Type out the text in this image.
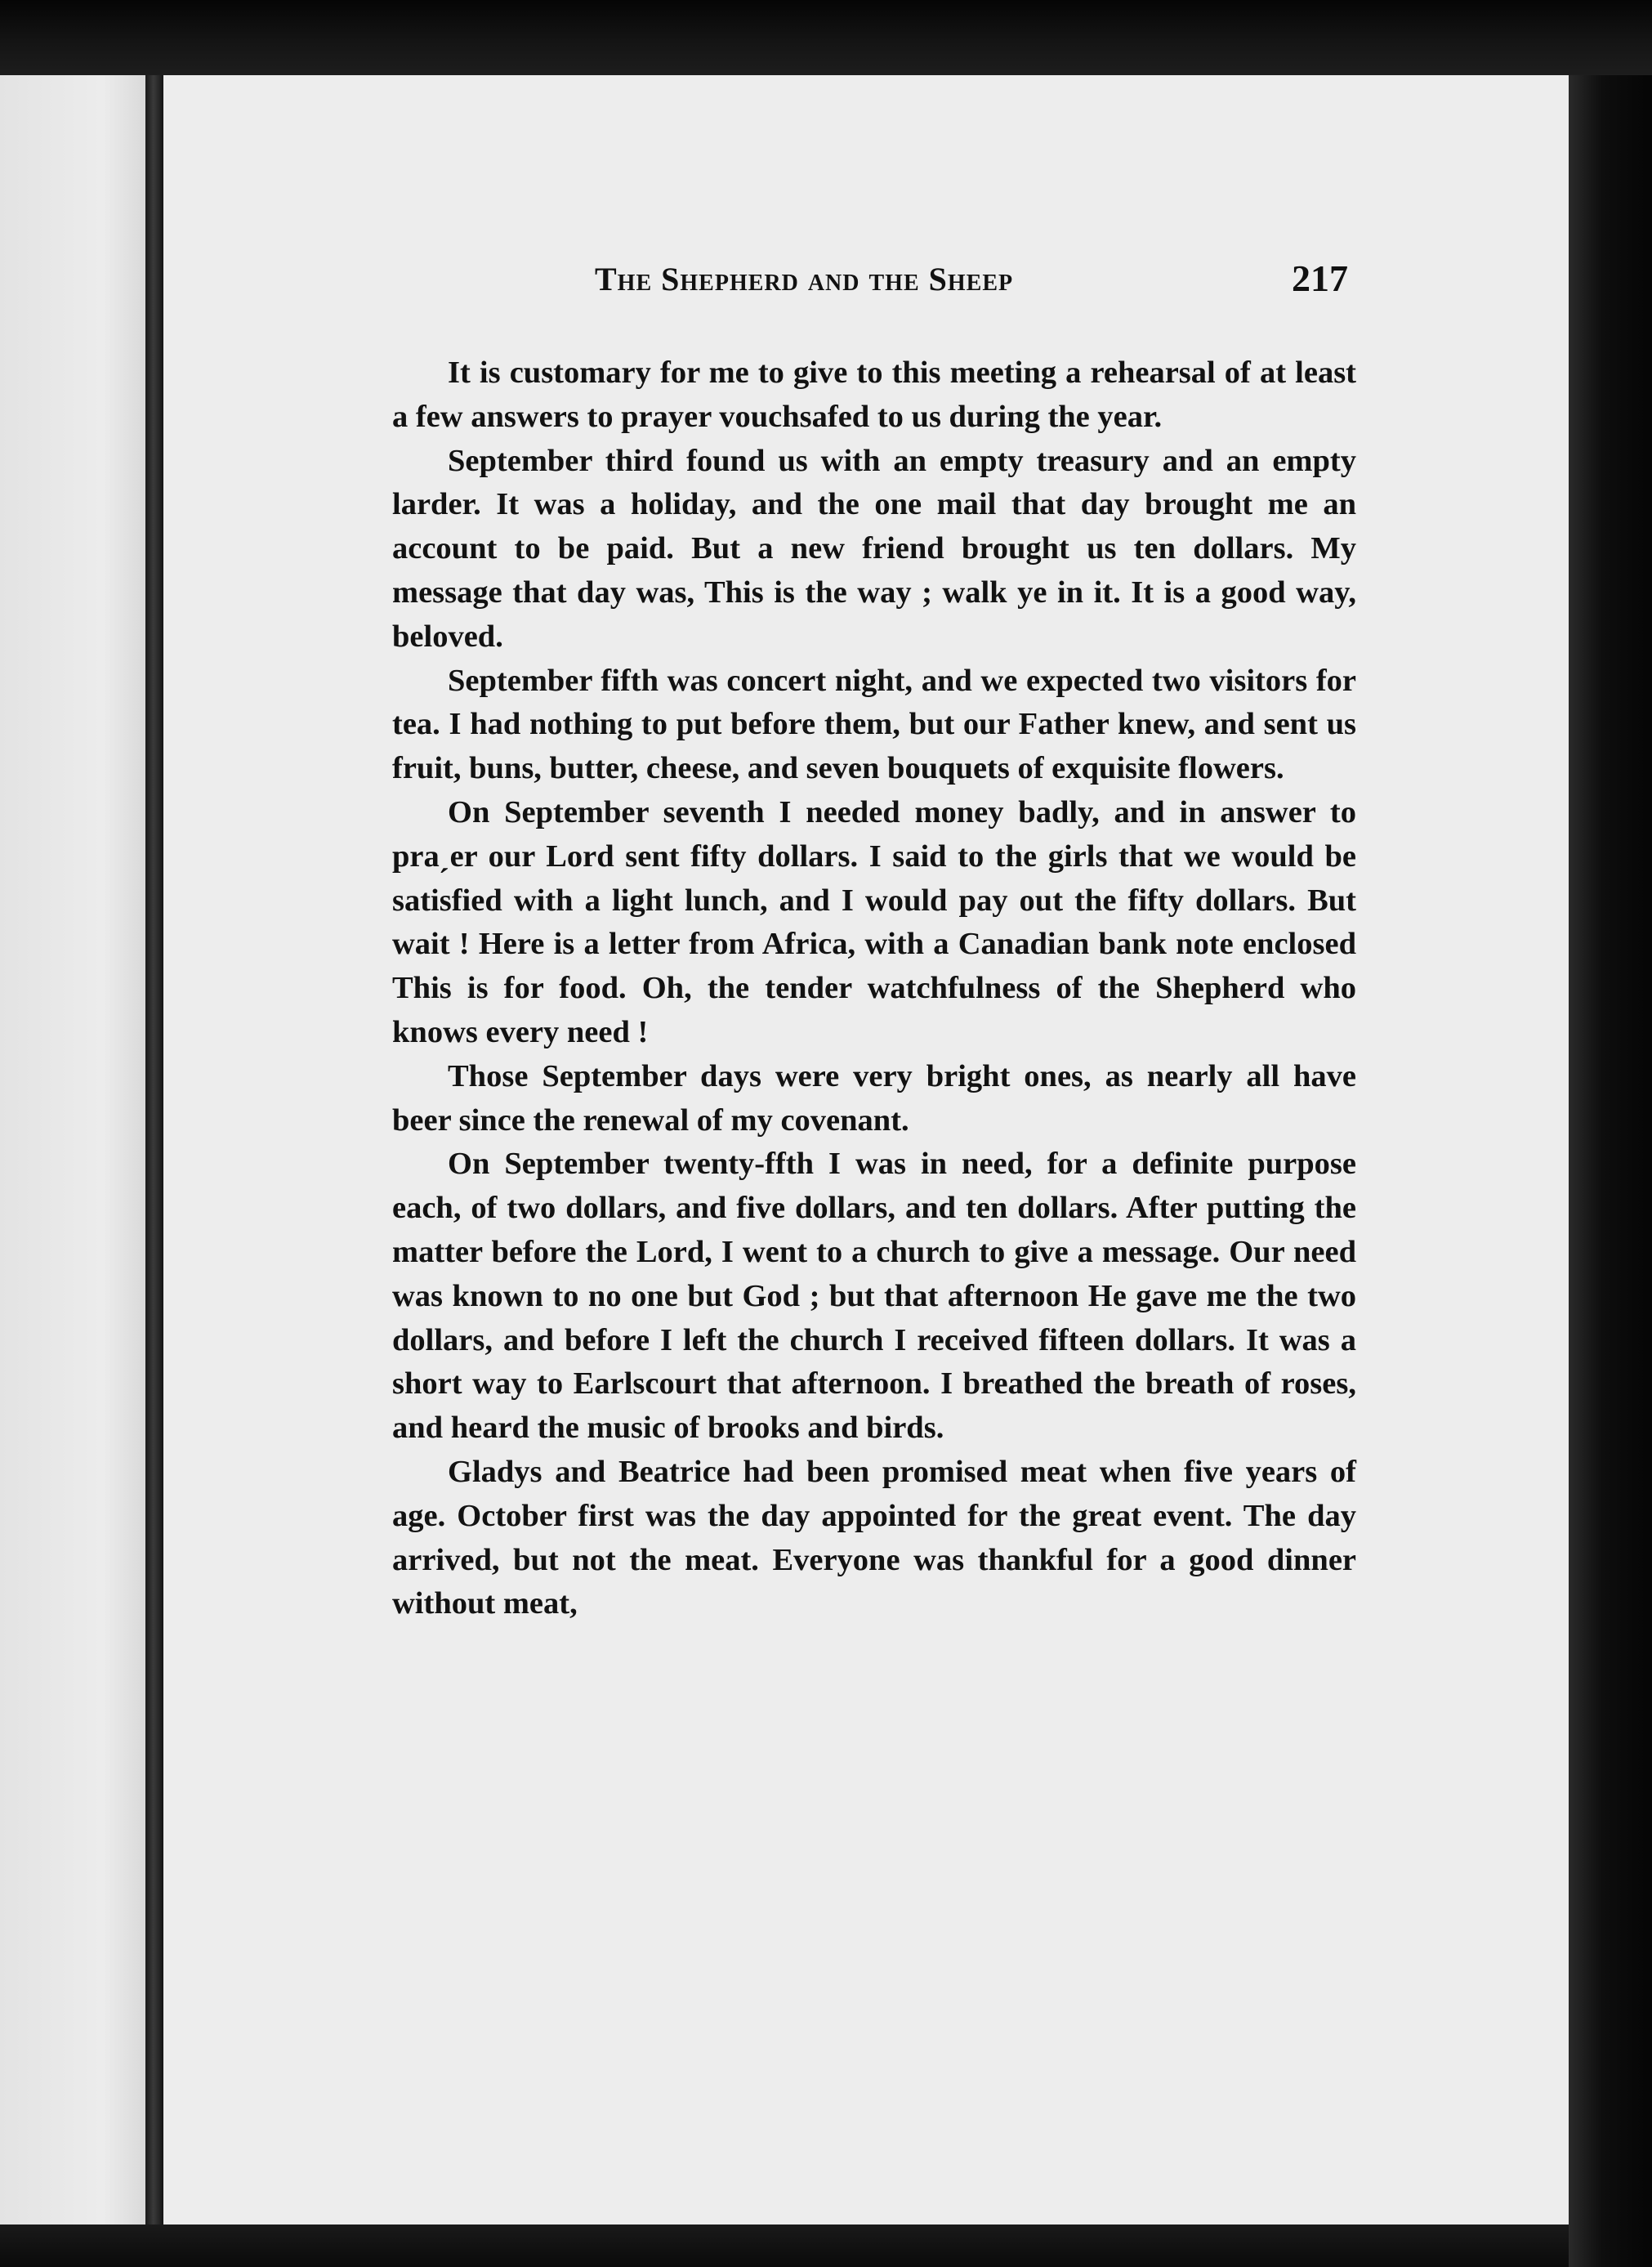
The Shepherd and the Sheep	217

It is customary for me to give to this meeting a rehearsal of at least a few answers to prayer vouchsafed to us during the year.

September third found us with an empty treasury and an empty larder. It was a holiday, and the one mail that day brought me an account to be paid. But a new friend brought us ten dollars. My message that day was, This is the way ; walk ye in it. It is a good way, beloved.

September fifth was concert night, and we expected two visitors for tea. I had nothing to put before them, but our Father knew, and sent us fruit, buns, butter, cheese, and seven bouquets of exquisite flowers.

On September seventh I needed money badly, and in answer to praˏer our Lord sent fifty dollars. I said to the girls that we would be satisfied with a light lunch, and I would pay out the fifty dollars. But wait ! Here is a letter from Africa, with a Canadian bank note enclosed This is for food. Oh, the tender watchfulness of the Shepherd who knows every need !

Those September days were very bright ones, as nearly all have beer since the renewal of my covenant.

On September twenty-ffth I was in need, for a definite purpose each, of two dollars, and five dollars, and ten dollars. After putting the matter before the Lord, I went to a church to give a message. Our need was known to no one but God ; but that afternoon He gave me the two dollars, and before I left the church I received fifteen dollars. It was a short way to Earlscourt that afternoon. I breathed the breath of roses, and heard the music of brooks and birds.

Gladys and Beatrice had been promised meat when five years of age. October first was the day appointed for the great event. The day arrived, but not the meat. Everyone was thankful for a good dinner without meat,
